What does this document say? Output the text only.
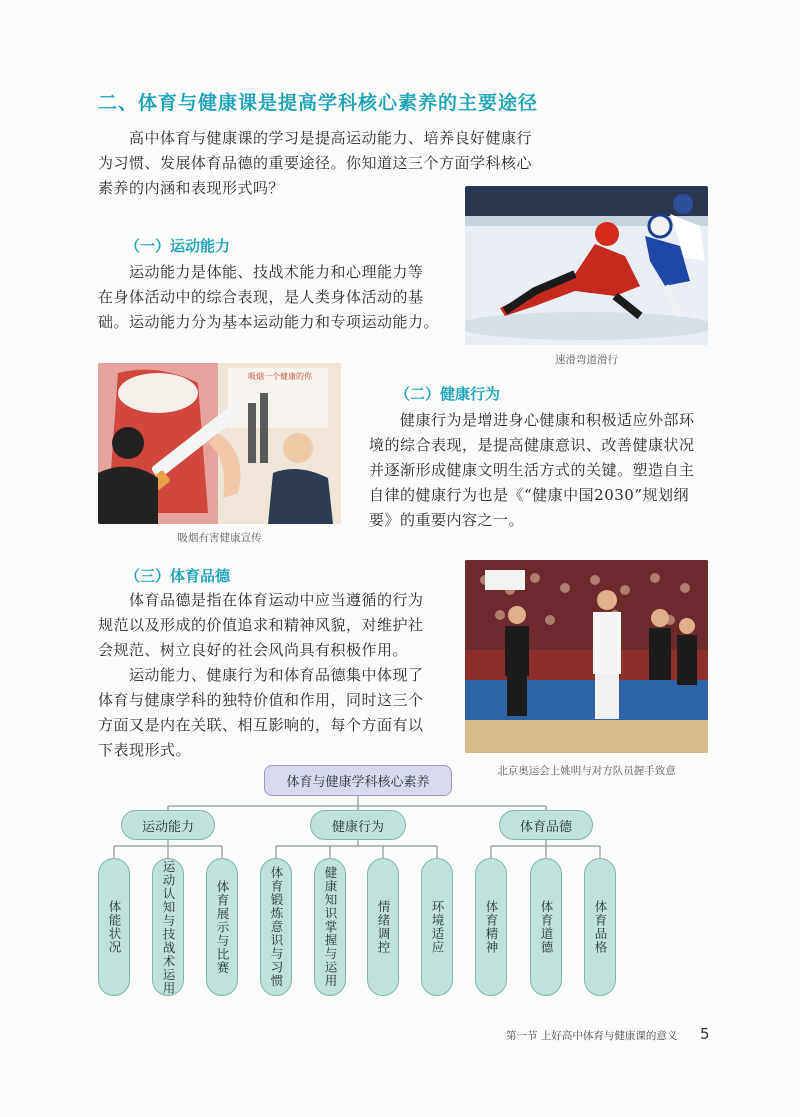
二、体育与健康课是提高学科核心素养的主要途径

高中体育与健康课的学习是提高运动能力、培养良好健康行

为习惯、发展体育品德的重要途径。你知道这三个方面学科核心

素养的内涵和表现形式吗？

速滑弯道滑行
（一）运动能力

运动能力是体能、技战术能力和心理能力等

在身体活动中的综合表现，是人类身体活动的基

础。运动能力分为基本运动能力和专项运动能力。

吸烟一个健康的你
吸烟有害健康宣传
（二）健康行为

健康行为是增进身心健康和积极适应外部环

境的综合表现，是提高健康意识、改善健康状况

并逐渐形成健康文明生活方式的关键。塑造自主

自律的健康行为也是《“健康中国2030”规划纲

要》的重要内容之一。

北京奥运会上姚明与对方队员握手致意
（三）体育品德

体育品德是指在体育运动中应当遵循的行为

规范以及形成的价值追求和精神风貌，对维护社

会规范、树立良好的社会风尚具有积极作用。

运动能力、健康行为和体育品德集中体现了

体育与健康学科的独特价值和作用，同时这三个

方面又是内在关联、相互影响的，每个方面有以

下表现形式。

体育与健康学科核心素养
运动能力	健康行为	体育品德
体能状况	运动认知与技战术运用	体育展示与比赛	体育锻炼意识与习惯	健康知识掌握与运用	情绪调控	环境适应	体育精神	体育道德	体育品格
第一节 上好高中体育与健康课的意义 5
